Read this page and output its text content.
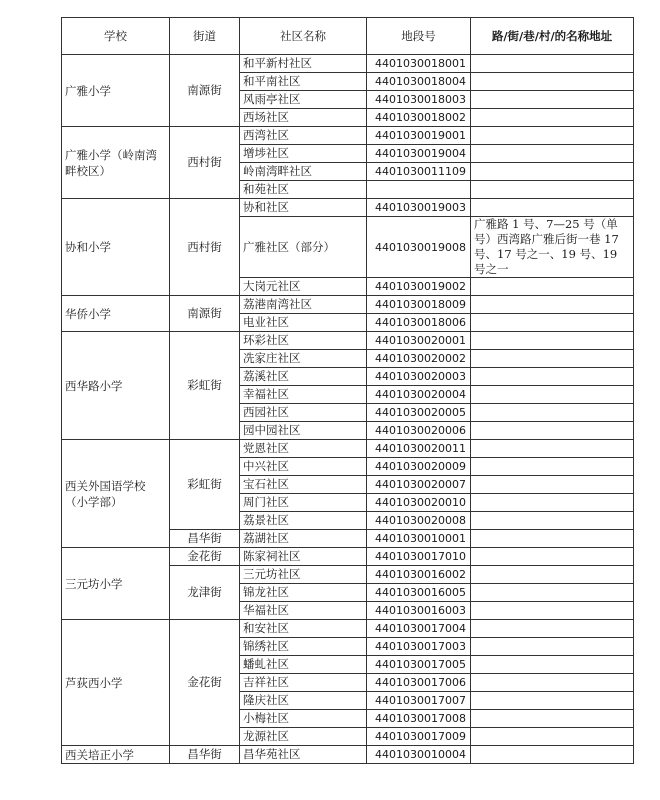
学校	街道	社区名称	地段号	路/街/巷/村/的名称地址
广雅小学	南源街	和平新村社区	4401030018001	
		和平南社区	4401030018004	
		风雨亭社区	4401030018003	
		西场社区	4401030018002	
广雅小学（岭南湾畔校区）	西村街	西湾社区	4401030019001	
		增埗社区	4401030019004	
		岭南湾畔社区	4401030011109	
		和苑社区		
协和小学	西村街	协和社区	4401030019003	
		广雅社区（部分）	4401030019008	广雅路 1 号、7—25 号（单号）西湾路广雅后街一巷 17 号、17 号之一、19 号、19 号之一
		大岗元社区	4401030019002	
华侨小学	南源街	荔港南湾社区	4401030018009	
		电业社区	4401030018006	
西华路小学	彩虹街	环彩社区	4401030020001	
		冼家庄社区	4401030020002	
		荔溪社区	4401030020003	
		幸福社区	4401030020004	
		西园社区	4401030020005	
		园中园社区	4401030020006	
西关外国语学校（小学部）	彩虹街	党恩社区	4401030020011	
		中兴社区	4401030020009	
		宝石社区	4401030020007	
		周门社区	4401030020010	
		荔景社区	4401030020008	
	昌华街	荔湖社区	4401030010001	
三元坊小学	金花街	陈家祠社区	4401030017010	
	龙津街	三元坊社区	4401030016002	
		锦龙社区	4401030016005	
		华福社区	4401030016003	
芦荻西小学	金花街	和安社区	4401030017004	
		锦绣社区	4401030017003	
		蟠虬社区	4401030017005	
		吉祥社区	4401030017006	
		隆庆社区	4401030017007	
		小梅社区	4401030017008	
		龙源社区	4401030017009	
西关培正小学	昌华街	昌华苑社区	4401030010004	
